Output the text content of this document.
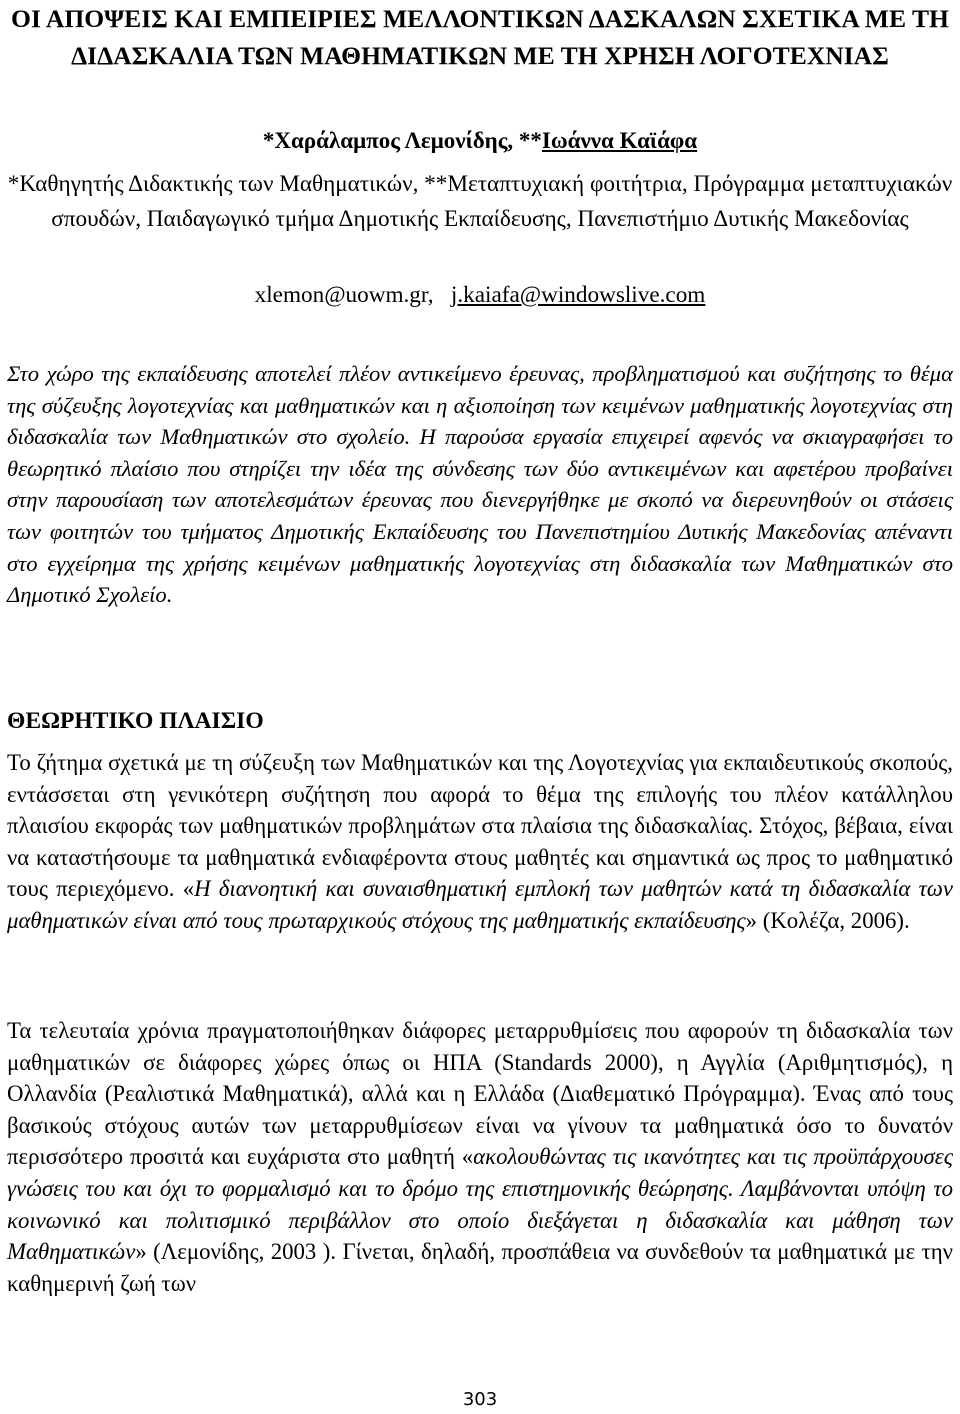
ΟΙ ΑΠΟΨΕΙΣ ΚΑΙ ΕΜΠΕΙΡΙΕΣ ΜΕΛΛΟΝΤΙΚΩΝ ΔΑΣΚΑΛΩΝ ΣΧΕΤΙΚΑ ΜΕ ΤΗ ΔΙΔΑΣΚΑΛΙΑ ΤΩΝ ΜΑΘΗΜΑΤΙΚΩΝ ΜΕ ΤΗ ΧΡΗΣΗ ΛΟΓΟΤΕΧΝΙΑΣ
*Χαράλαμπος Λεμονίδης, **Ιωάννα Καϊάφα
*Καθηγητής Διδακτικής των Μαθηματικών, **Μεταπτυχιακή φοιτήτρια, Πρόγραμμα μεταπτυχιακών σπουδών, Παιδαγωγικό τμήμα Δημοτικής Εκπαίδευσης, Πανεπιστήμιο Δυτικής Μακεδονίας
xlemon@uowm.gr,   j.kaiafa@windowslive.com
Στο χώρο της εκπαίδευσης αποτελεί πλέον αντικείμενο έρευνας, προβληματισμού και συζήτησης το θέμα της σύζευξης λογοτεχνίας και μαθηματικών και η αξιοποίηση των κειμένων μαθηματικής λογοτεχνίας στη διδασκαλία των Μαθηματικών στο σχολείο. Η παρούσα εργασία επιχειρεί αφενός να σκιαγραφήσει το θεωρητικό πλαίσιο που στηρίζει την ιδέα της σύνδεσης των δύο αντικειμένων και αφετέρου προβαίνει στην παρουσίαση των αποτελεσμάτων έρευνας που διενεργήθηκε με σκοπό να διερευνηθούν οι στάσεις των φοιτητών του τμήματος Δημοτικής Εκπαίδευσης του Πανεπιστημίου Δυτικής Μακεδονίας απέναντι στο εγχείρημα της χρήσης κειμένων μαθηματικής λογοτεχνίας στη διδασκαλία των Μαθηματικών στο Δημοτικό Σχολείο.
ΘΕΩΡΗΤΙΚΟ ΠΛΑΙΣΙΟ
Το ζήτημα σχετικά με τη σύζευξη των Μαθηματικών και της Λογοτεχνίας για εκπαιδευτικούς σκοπούς, εντάσσεται στη γενικότερη συζήτηση που αφορά το θέμα της επιλογής του πλέον κατάλληλου πλαισίου εκφοράς των μαθηματικών προβλημάτων στα πλαίσια της διδασκαλίας. Στόχος, βέβαια, είναι να καταστήσουμε τα μαθηματικά ενδιαφέροντα στους μαθητές και σημαντικά ως προς το μαθηματικό τους περιεχόμενο. «Η διανοητική και συναισθηματική εμπλοκή των μαθητών κατά τη διδασκαλία των μαθηματικών είναι από τους πρωταρχικούς στόχους της μαθηματικής εκπαίδευσης» (Κολέζα, 2006).
Τα τελευταία χρόνια πραγματοποιήθηκαν διάφορες μεταρρυθμίσεις που αφορούν τη διδασκαλία των μαθηματικών σε διάφορες χώρες όπως οι ΗΠΑ (Standards 2000), η Αγγλία (Αριθμητισμός), η Ολλανδία (Ρεαλιστικά Μαθηματικά), αλλά και η Ελλάδα (Διαθεματικό Πρόγραμμα). Ένας από τους βασικούς στόχους αυτών των μεταρρυθμίσεων είναι να γίνουν τα μαθηματικά όσο το δυνατόν περισσότερο προσιτά και ευχάριστα στο μαθητή «ακολουθώντας τις ικανότητες και τις προϋπάρχουσες γνώσεις του και όχι το φορμαλισμό και το δρόμο της επιστημονικής θεώρησης. Λαμβάνονται υπόψη το κοινωνικό και πολιτισμικό περιβάλλον στο οποίο διεξάγεται η διδασκαλία και μάθηση των Μαθηματικών» (Λεμονίδης, 2003 ). Γίνεται, δηλαδή, προσπάθεια να συνδεθούν τα μαθηματικά με την καθημερινή ζωή των
303
